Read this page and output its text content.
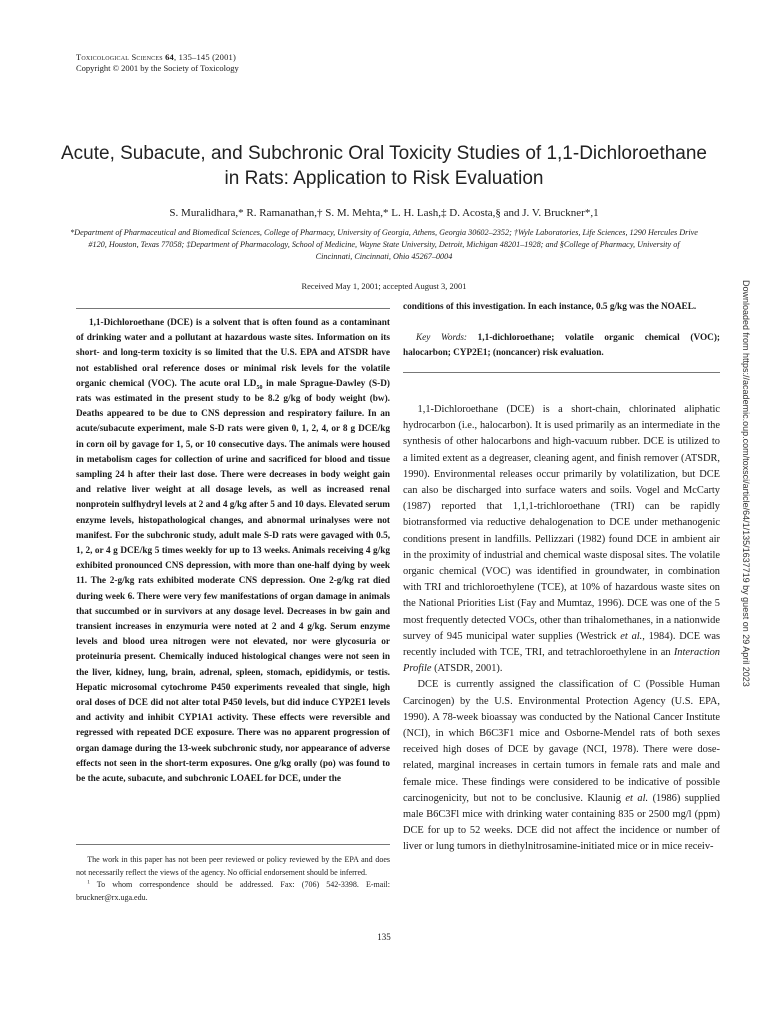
Toxicological Sciences 64, 135–145 (2001)
Copyright © 2001 by the Society of Toxicology
Acute, Subacute, and Subchronic Oral Toxicity Studies of 1,1-Dichloroethane in Rats: Application to Risk Evaluation
S. Muralidhara,* R. Ramanathan,† S. M. Mehta,* L. H. Lash,‡ D. Acosta,§ and J. V. Bruckner*,1
*Department of Pharmaceutical and Biomedical Sciences, College of Pharmacy, University of Georgia, Athens, Georgia 30602–2352; †Wyle Laboratories, Life Sciences, 1290 Hercules Drive #120, Houston, Texas 77058; ‡Department of Pharmacology, School of Medicine, Wayne State University, Detroit, Michigan 48201–1928; and §College of Pharmacy, University of Cincinnati, Cincinnati, Ohio 45267–0004
Received May 1, 2001; accepted August 3, 2001
1,1-Dichloroethane (DCE) is a solvent that is often found as a contaminant of drinking water and a pollutant at hazardous waste sites. Information on its short- and long-term toxicity is so limited that the U.S. EPA and ATSDR have not established oral reference doses or minimal risk levels for the volatile organic chemical (VOC). The acute oral $LD_{50}$ in male Sprague-Dawley (S-D) rats was estimated in the present study to be 8.2 g/kg of body weight (bw). Deaths appeared to be due to CNS depression and respiratory failure. In an acute/subacute experiment, male S-D rats were given 0, 1, 2, 4, or 8 g DCE/kg in corn oil by gavage for 1, 5, or 10 consecutive days. The animals were housed in metabolism cages for collection of urine and sacrificed for blood and tissue sampling 24 h after their last dose. There were decreases in body weight gain and relative liver weight at all dosage levels, as well as increased renal nonprotein sulfhydryl levels at 2 and 4 g/kg after 5 and 10 days. Elevated serum enzyme levels, histopathological changes, and abnormal urinalyses were not manifest. For the subchronic study, adult male S-D rats were gavaged with 0.5, 1, 2, or 4 g DCE/kg 5 times weekly for up to 13 weeks. Animals receiving 4 g/kg exhibited pronounced CNS depression, with more than one-half dying by week 11. The 2-g/kg rats exhibited moderate CNS depression. One 2-g/kg rat died during week 6. There were very few manifestations of organ damage in animals that succumbed or in survivors at any dosage level. Decreases in bw gain and transient increases in enzymuria were noted at 2 and 4 g/kg. Serum enzyme levels and blood urea nitrogen were not elevated, nor were glycosuria or proteinuria present. Chemically induced histological changes were not seen in the liver, kidney, lung, brain, adrenal, spleen, stomach, epididymis, or testis. Hepatic microsomal cytochrome P450 experiments revealed that single, high oral doses of DCE did not alter total P450 levels, but did induce CYP2E1 levels and activity and inhibit CYP1A1 activity. These effects were reversible and regressed with repeated DCE exposure. There was no apparent progression of organ damage during the 13-week subchronic study, nor appearance of adverse effects not seen in the short-term exposures. One g/kg orally (po) was found to be the acute, subacute, and subchronic LOAEL for DCE, under the
conditions of this investigation. In each instance, 0.5 g/kg was the NOAEL.
Key Words: 1,1-dichloroethane; volatile organic chemical (VOC); halocarbon; CYP2E1; (noncancer) risk evaluation.

The work in this paper has not been peer reviewed or policy reviewed by the EPA and does not necessarily reflect the views of the agency. No official endorsement should be inferred.

$^1$ To whom correspondence should be addressed. Fax: (706) 542-3398. E-mail: bruckner@rx.uga.edu.

1,1-Dichloroethane (DCE) is a short-chain, chlorinated aliphatic hydrocarbon (i.e., halocarbon). It is used primarily as an intermediate in the synthesis of other halocarbons and high-vacuum rubber. DCE is utilized to a limited extent as a degreaser, cleaning agent, and finish remover (ATSDR, 1990). Environmental releases occur primarily by volatilization, but DCE can also be discharged into surface waters and soils. Vogel and McCarty (1987) reported that 1,1,1-trichloroethane (TRI) can be rapidly biotransformed via reductive dehalogenation to DCE under methanogenic conditions present in landfills. Pellizzari (1982) found DCE in ambient air in the proximity of industrial and chemical waste disposal sites. The volatile organic chemical (VOC) was identified in groundwater, in combination with TRI and trichloroethylene (TCE), at 10% of hazardous waste sites on the National Priorities List (Fay and Mumtaz, 1996). DCE was one of the 5 most frequently detected VOCs, other than trihalomethanes, in a nationwide survey of 945 municipal water supplies (Westrick et al., 1984). DCE was recently included with TCE, TRI, and tetrachloroethylene in an Interaction Profile (ATSDR, 2001).

DCE is currently assigned the classification of C (Possible Human Carcinogen) by the U.S. Environmental Protection Agency (U.S. EPA, 1990). A 78-week bioassay was conducted by the National Cancer Institute (NCI), in which B6C3F1 mice and Osborne-Mendel rats of both sexes received high doses of DCE by gavage (NCI, 1978). There were dose-related, marginal increases in certain tumors in female rats and male and female mice. These findings were considered to be indicative of possible carcinogenicity, but not to be conclusive. Klaunig et al. (1986) supplied male B6C3Fl mice with drinking water containing 835 or 2500 mg/l (ppm) DCE for up to 52 weeks. DCE did not affect the incidence or number of liver or lung tumors in diethylnitrosamine-initiated mice or in mice receiv-

135
Downloaded from https://academic.oup.com/toxsci/article/64/1/135/1637719 by guest on 29 April 2023
